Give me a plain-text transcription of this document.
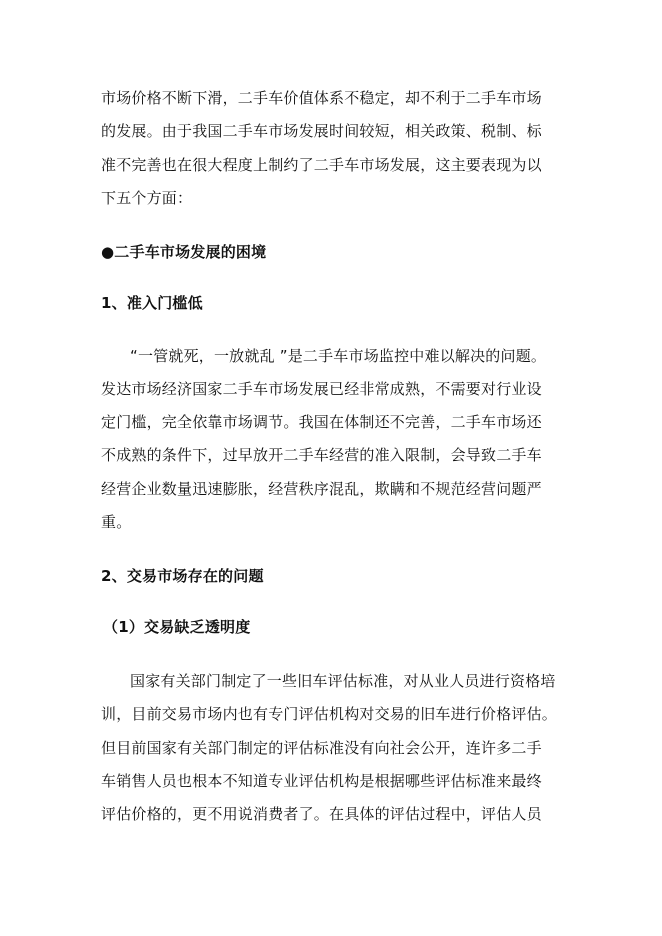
市场价格不断下滑，二手车价值体系不稳定，却不利于二手车市场
的发展。由于我国二手车市场发展时间较短，相关政策、税制、标
准不完善也在很大程度上制约了二手车市场发展，这主要表现为以
下五个方面：
●二手车市场发展的困境
1、准入门槛低
“一管就死，一放就乱 ”是二手车市场监控中难以解决的问题。
发达市场经济国家二手车市场发展已经非常成熟，不需要对行业设
定门槛，完全依靠市场调节。我国在体制还不完善，二手车市场还
不成熟的条件下，过早放开二手车经营的准入限制，会导致二手车
经营企业数量迅速膨胀，经营秩序混乱，欺瞒和不规范经营问题严
重。
2、交易市场存在的问题
（1）交易缺乏透明度
国家有关部门制定了一些旧车评估标准，对从业人员进行资格培
训，目前交易市场内也有专门评估机构对交易的旧车进行价格评估。
但目前国家有关部门制定的评估标准没有向社会公开，连许多二手
车销售人员也根本不知道专业评估机构是根据哪些评估标准来最终
评估价格的，更不用说消费者了。在具体的评估过程中，评估人员
